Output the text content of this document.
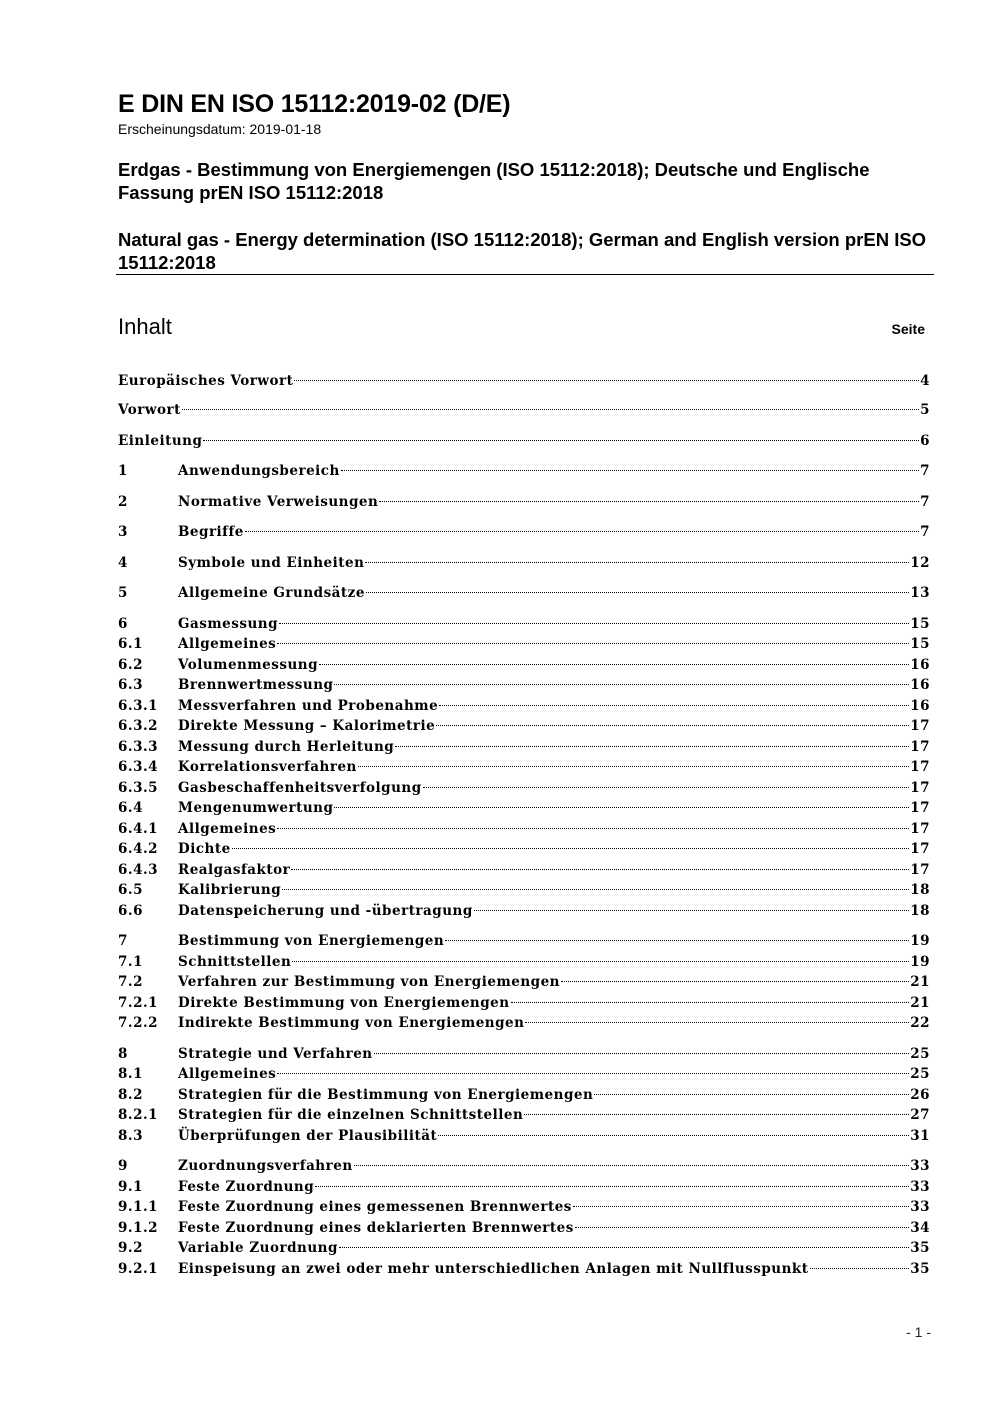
E DIN EN ISO 15112:2019-02 (D/E)
Erscheinungsdatum: 2019-01-18
Erdgas - Bestimmung von Energiemengen (ISO 15112:2018); Deutsche und Englische Fassung prEN ISO 15112:2018
Natural gas - Energy determination (ISO 15112:2018); German and English version prEN ISO 15112:2018
Inhalt	Seite
Europäisches Vorwort	4
Vorwort	5
Einleitung	6
1	Anwendungsbereich	7
2	Normative Verweisungen	7
3	Begriffe	7
4	Symbole und Einheiten	12
5	Allgemeine Grundsätze	13
6	Gasmessung	15
6.1	Allgemeines	15
6.2	Volumenmessung	16
6.3	Brennwertmessung	16
6.3.1	Messverfahren und Probenahme	16
6.3.2	Direkte Messung – Kalorimetrie	17
6.3.3	Messung durch Herleitung	17
6.3.4	Korrelationsverfahren	17
6.3.5	Gasbeschaffenheitsverfolgung	17
6.4	Mengenumwertung	17
6.4.1	Allgemeines	17
6.4.2	Dichte	17
6.4.3	Realgasfaktor	17
6.5	Kalibrierung	18
6.6	Datenspeicherung und -übertragung	18
7	Bestimmung von Energiemengen	19
7.1	Schnittstellen	19
7.2	Verfahren zur Bestimmung von Energiemengen	21
7.2.1	Direkte Bestimmung von Energiemengen	21
7.2.2	Indirekte Bestimmung von Energiemengen	22
8	Strategie und Verfahren	25
8.1	Allgemeines	25
8.2	Strategien für die Bestimmung von Energiemengen	26
8.2.1	Strategien für die einzelnen Schnittstellen	27
8.3	Überprüfungen der Plausibilität	31
9	Zuordnungsverfahren	33
9.1	Feste Zuordnung	33
9.1.1	Feste Zuordnung eines gemessenen Brennwertes	33
9.1.2	Feste Zuordnung eines deklarierten Brennwertes	34
9.2	Variable Zuordnung	35
9.2.1	Einspeisung an zwei oder mehr unterschiedlichen Anlagen mit Nullflusspunkt	35
- 1 -
